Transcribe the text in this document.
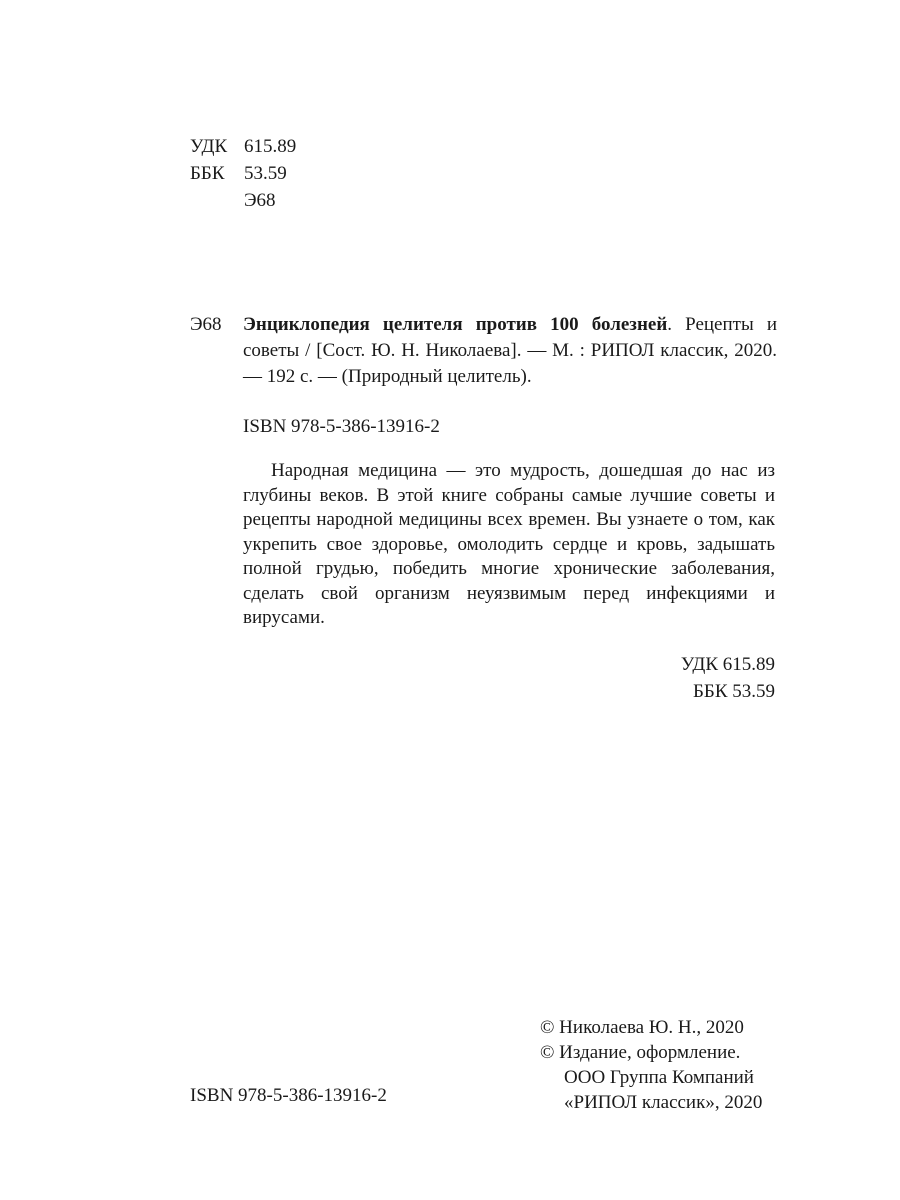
УДК 615.89
ББК	53.59
Э68
Э68 Энциклопедия целителя против 100 болезней. Рецепты и советы / [Сост. Ю. Н. Николаева]. — М. : РИПОЛ классик, 2020. — 192 с. — (Природный целитель).
ISBN 978-5-386-13916-2
Народная медицина — это мудрость, дошедшая до нас из глубины веков. В этой книге собраны самые лучшие советы и рецепты народной медицины всех времен. Вы узнаете о том, как укрепить свое здоровье, омолодить сердце и кровь, задышать полной грудью, победить многие хронические заболевания, сделать свой организм неуязвимым перед инфекциями и вирусами.
УДК 615.89
ББК 53.59
© Николаева Ю. Н., 2020
© Издание, оформление.
ООО Группа Компаний
«РИПОЛ классик», 2020
ISBN 978-5-386-13916-2
